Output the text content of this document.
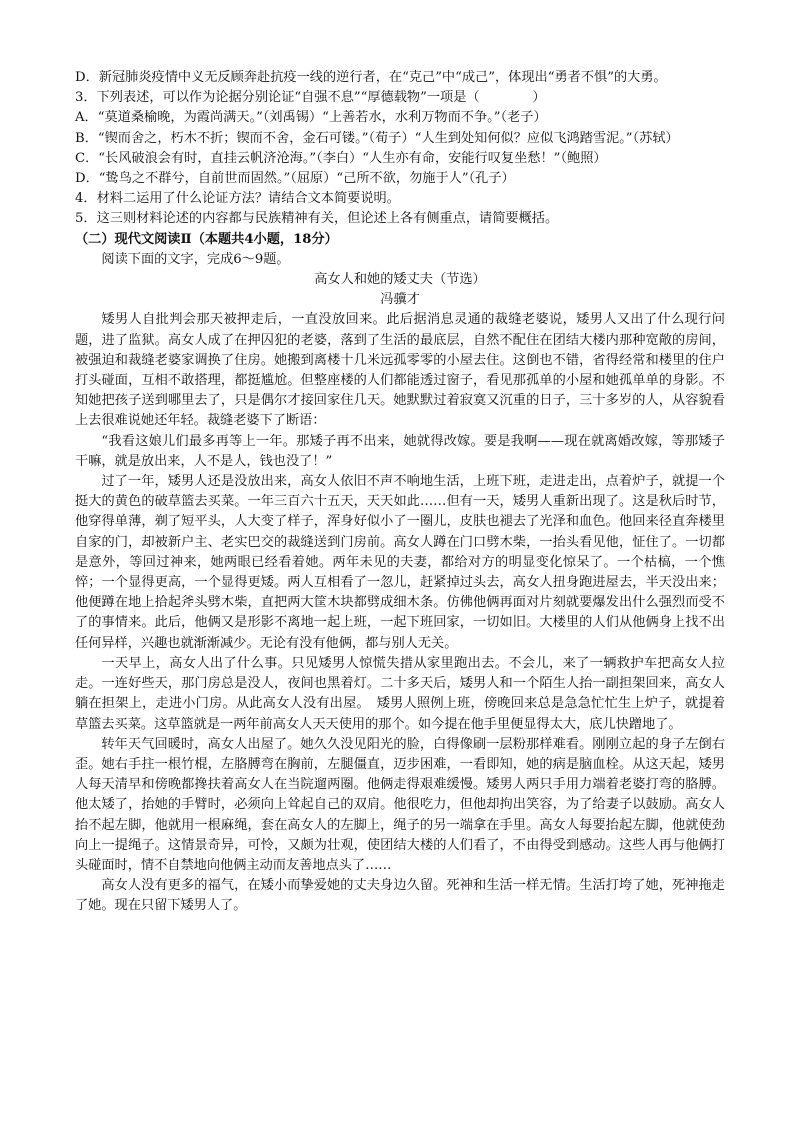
D．新冠肺炎疫情中义无反顾奔赴抗疫一线的逆行者，在“克己”中“成己”，体现出“勇者不惧”的大勇。

3．下列表述，可以作为论据分别论证“自强不息”“厚德载物”一项是（　　　　）

A．“莫道桑榆晚，为霞尚满天。”（刘禹锡）“上善若水，水利万物而不争。”（老子）

B．“锲而舍之，朽木不折；锲而不舍，金石可镂。”（荀子）“人生到处知何似？应似飞鸿踏雪泥。”（苏轼）

C．“长风破浪会有时，直挂云帆济沧海。”（李白）“人生亦有命，安能行叹复坐愁！”（鲍照）

D．“鸷鸟之不群兮，自前世而固然。”（屈原）“己所不欲，勿施于人”（孔子）

4．材料二运用了什么论证方法？请结合文本简要说明。

5．这三则材料论述的内容都与民族精神有关，但论述上各有侧重点，请简要概括。

（二）现代文阅读Ⅱ（本题共4小题，18分）

阅读下面的文字，完成6～9题。

高女人和她的矮丈夫（节选）

冯骥才

矮男人自批判会那天被押走后，一直没放回来。此后据消息灵通的裁缝老婆说，矮男人又出了什么现行问题，进了监狱。高女人成了在押囚犯的老婆，落到了生活的最底层，自然不配住在团结大楼内那种宽敞的房间，被强迫和裁缝老婆家调换了住房。她搬到离楼十几米远孤零零的小屋去住。这倒也不错，省得经常和楼里的住户打头碰面，互相不敢搭理，都挺尴尬。但整座楼的人们都能透过窗子，看见那孤单的小屋和她孤单单的身影。不知她把孩子送到哪里去了，只是偶尔才接回家住几天。她默默过着寂寞又沉重的日子，三十多岁的人，从容貌看上去很难说她还年轻。裁缝老婆下了断语：

“我看这娘儿们最多再等上一年。那矮子再不出来，她就得改嫁。要是我啊——现在就离婚改嫁，等那矮子干嘛，就是放出来，人不是人，钱也没了！”

过了一年，矮男人还是没放出来，高女人依旧不声不响地生活，上班下班，走进走出，点着炉子，就提一个挺大的黄色的破草篮去买菜。一年三百六十五天，天天如此……但有一天，矮男人重新出现了。这是秋后时节，他穿得单薄，剃了短平头，人大变了样子，浑身好似小了一圈儿，皮肤也褪去了光泽和血色。他回来径直奔楼里自家的门，却被新户主、老实巴交的裁缝送到门房前。高女人蹲在门口劈木柴，一抬头看见他，怔住了。一切都是意外，等回过神来，她两眼已经看着她。两年未见的夫妻，都给对方的明显变化惊呆了。一个枯槁，一个憔悴；一个显得更高，一个显得更矮。两人互相看了一忽儿，赶紧掉过头去，高女人扭身跑进屋去，半天没出来；他便蹲在地上拾起斧头劈木柴，直把两大筐木块都劈成细木条。仿佛他俩再面对片刻就要爆发出什么强烈而受不了的事情来。此后，他俩又是形影不离地一起上班，一起下班回家，一切如旧。大楼里的人们从他俩身上找不出任何异样，兴趣也就渐渐减少。无论有没有他俩，都与别人无关。

一天早上，高女人出了什么事。只见矮男人惊慌失措从家里跑出去。不会儿，来了一辆救护车把高女人拉走。一连好些天，那门房总是没人，夜间也黑着灯。二十多天后，矮男人和一个陌生人抬一副担架回来，高女人躺在担架上，走进小门房。从此高女人没有出屋。　矮男人照例上班，傍晚回来总是急急忙忙生上炉子，就提着草篮去买菜。这草篮就是一两年前高女人天天使用的那个。如今提在他手里便显得太大，底儿快蹭地了。

转年天气回暖时，高女人出屋了。她久久没见阳光的脸，白得像刷一层粉那样难看。刚刚立起的身子左倒右歪。她右手拄一根竹棍，左胳膊弯在胸前，左腿僵直，迈步困难，一看即知，她的病是脑血栓。从这天起，矮男人每天清早和傍晚都搀扶着高女人在当院遛两圈。他俩走得艰难缓慢。矮男人两只手用力端着老婆打弯的胳膊。他太矮了，抬她的手臂时，必须向上耸起自己的双肩。他很吃力，但他却拘出笑容，为了给妻子以鼓励。高女人抬不起左脚，他就用一根麻绳，套在高女人的左脚上，绳子的另一端拿在手里。高女人每要抬起左脚，他就使劲向上一提绳子。这情景奇异，可怜，又颇为壮观，使团结大楼的人们看了，不由得受到感动。这些人再与他俩打头碰面时，情不自禁地向他俩主动而友善地点头了……

高女人没有更多的福气，在矮小而挚爱她的丈夫身边久留。死神和生活一样无情。生活打垮了她，死神拖走了她。现在只留下矮男人了。
